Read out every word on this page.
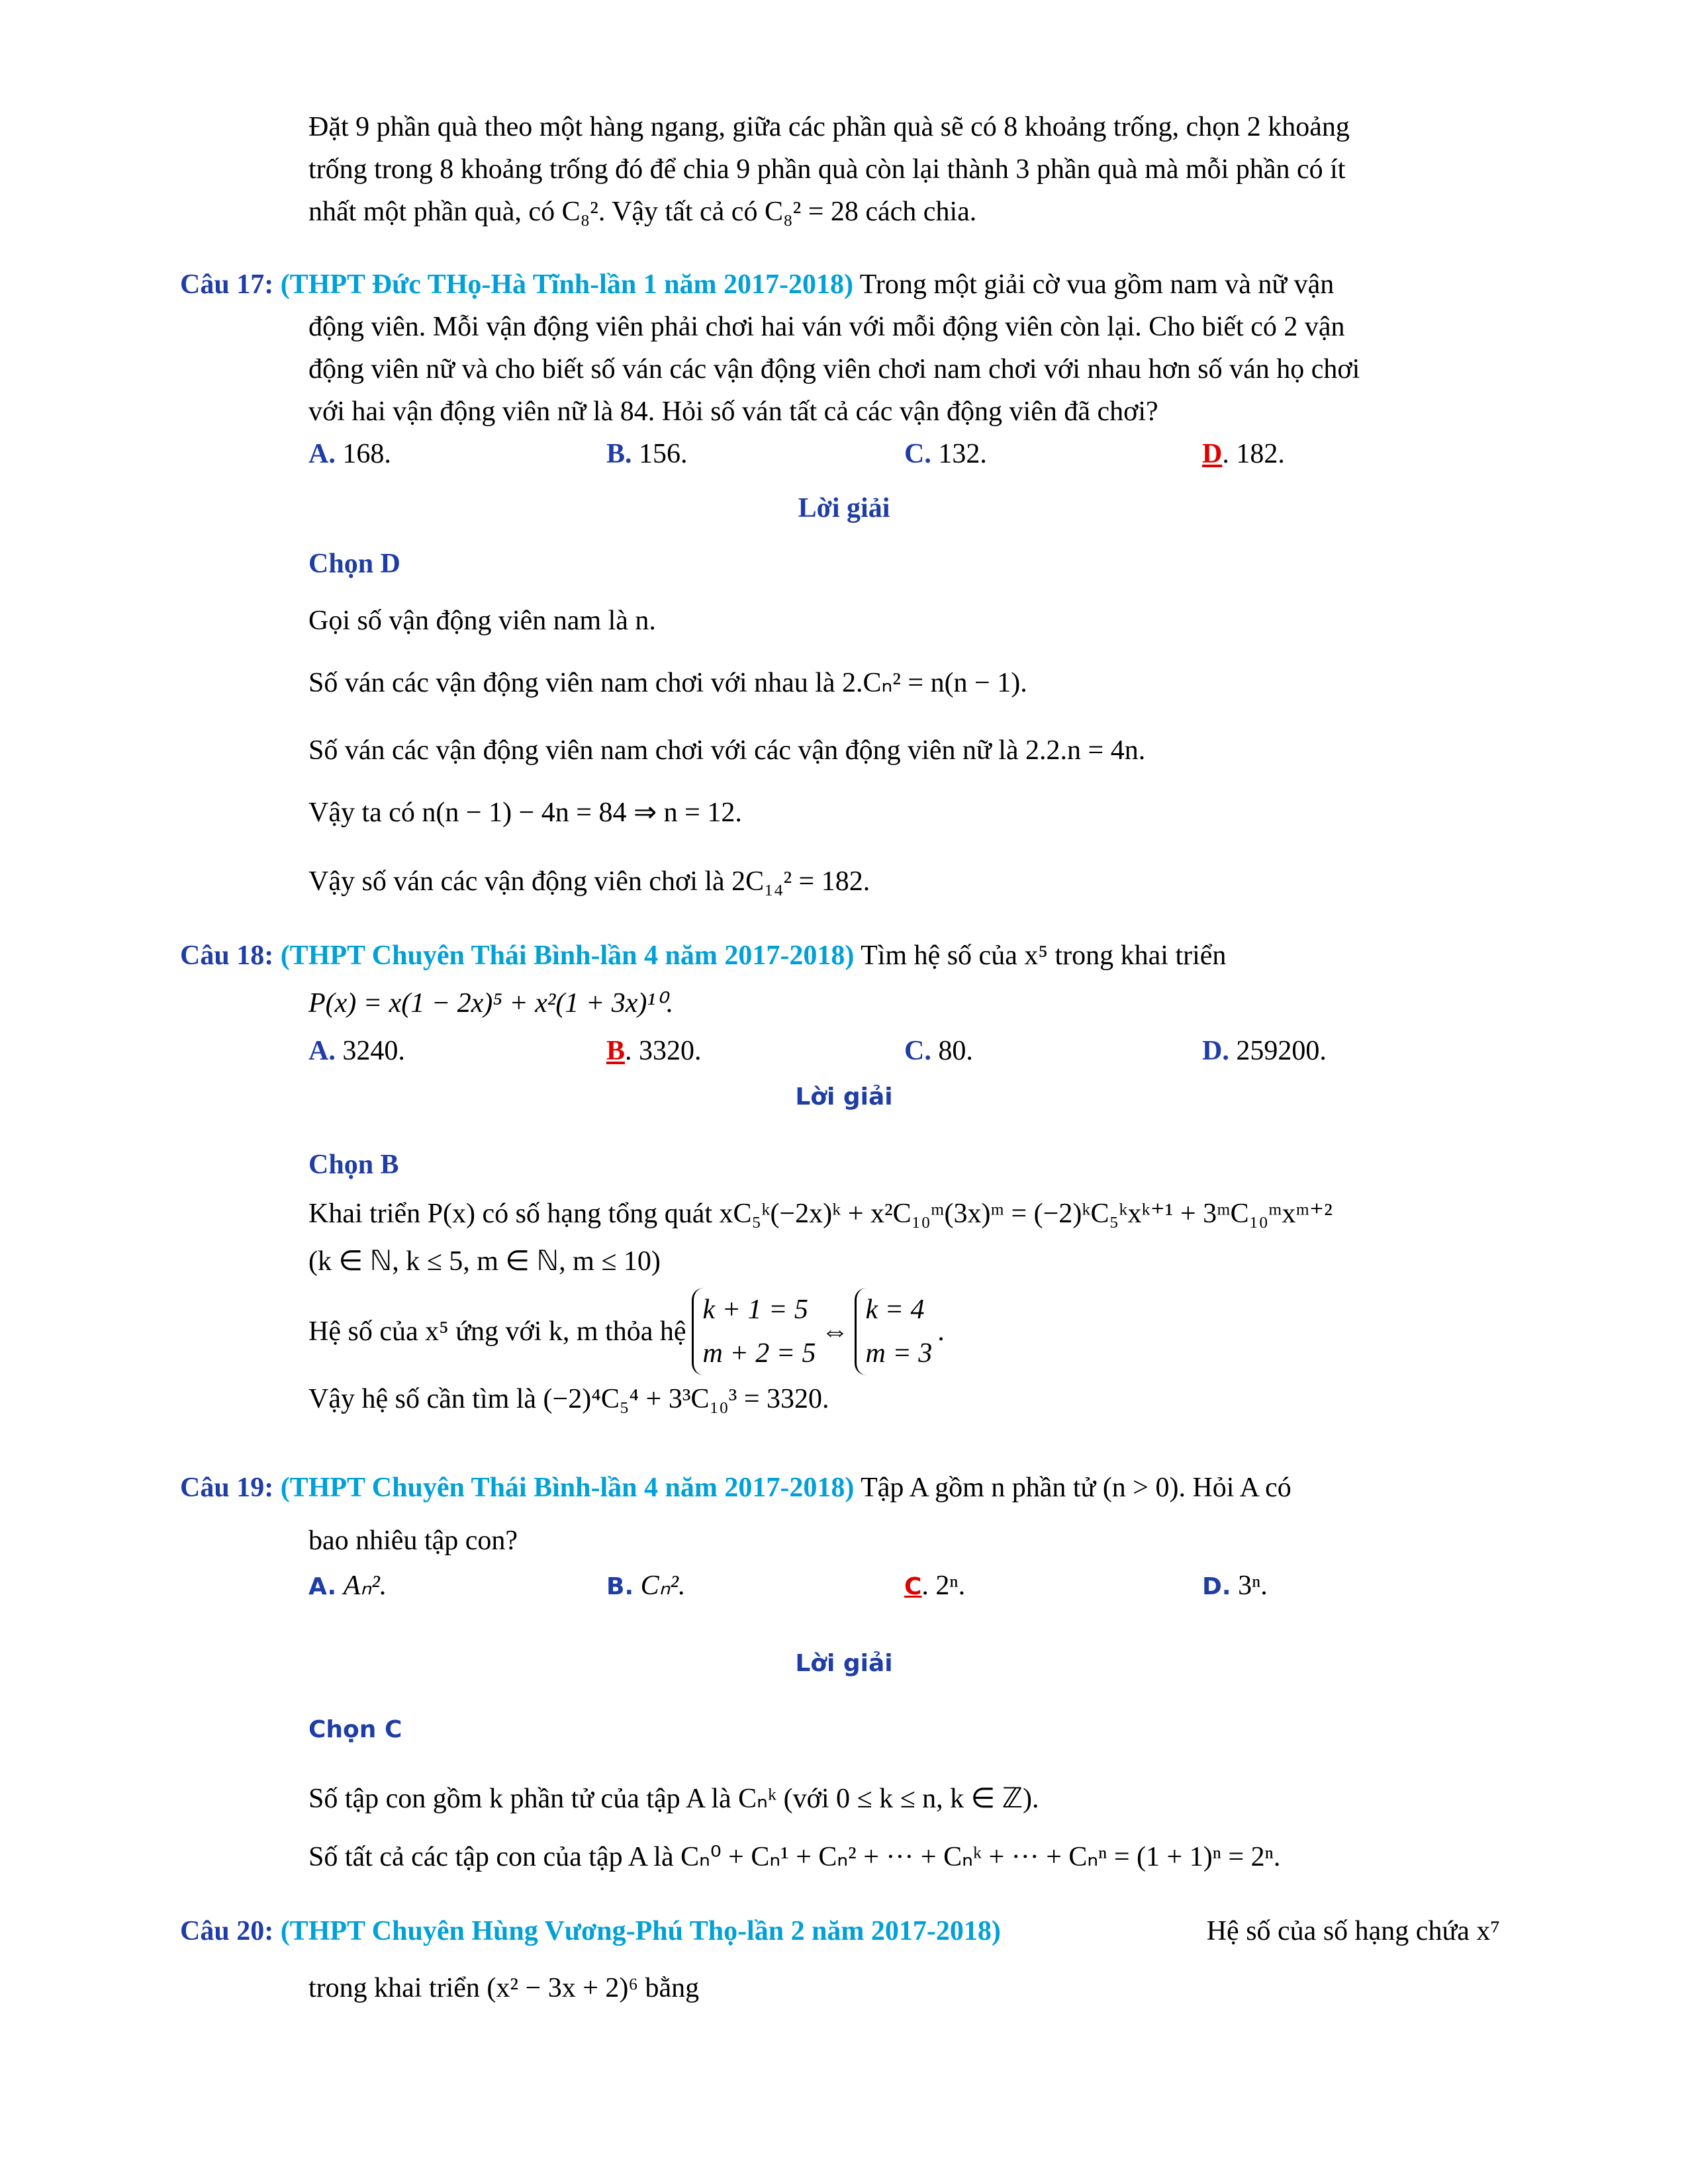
Đặt 9 phần quà theo một hàng ngang, giữa các phần quà sẽ có 8 khoảng trống, chọn 2 khoảng
trống trong 8 khoảng trống đó để chia 9 phần quà còn lại thành 3 phần quà mà mỗi phần có ít
nhất một phần quà, có C₈². Vậy tất cả có C₈² = 28 cách chia.
Câu 17: (THPT Đức THọ-Hà Tĩnh-lần 1 năm 2017-2018) Trong một giải cờ vua gồm nam và nữ vận
động viên. Mỗi vận động viên phải chơi hai ván với mỗi động viên còn lại. Cho biết có 2 vận
động viên nữ và cho biết số ván các vận động viên chơi nam chơi với nhau hơn số ván họ chơi
với hai vận động viên nữ là 84. Hỏi số ván tất cả các vận động viên đã chơi?
A. 168.	B. 156.	C. 132.	D. 182.
Lời giải
Chọn D
Gọi số vận động viên nam là n.
Số ván các vận động viên nam chơi với nhau là 2.Cₙ² = n(n − 1).
Số ván các vận động viên nam chơi với các vận động viên nữ là 2.2.n = 4n.
Vậy ta có n(n − 1) − 4n = 84 ⇒ n = 12.
Vậy số ván các vận động viên chơi là 2C₁₄² = 182.
Câu 18: (THPT Chuyên Thái Bình-lần 4 năm 2017-2018) Tìm hệ số của x⁵ trong khai triển
P(x) = x(1 − 2x)⁵ + x²(1 + 3x)¹⁰.
A. 3240.	B. 3320.	C. 80.	D. 259200.
Lời giải
Chọn B
Khai triển P(x) có số hạng tổng quát xC₅ᵏ(−2x)ᵏ + x²C₁₀ᵐ(3x)ᵐ = (−2)ᵏC₅ᵏxᵏ⁺¹ + 3ᵐC₁₀ᵐxᵐ⁺²
(k ∈ ℕ, k ≤ 5, m ∈ ℕ, m ≤ 10)
Hệ số của x⁵ ứng với k, m thỏa hệ
k + 1 = 5
m + 2 = 5
⇔
k = 4
m = 3
.
Vậy hệ số cần tìm là (−2)⁴C₅⁴ + 3³C₁₀³ = 3320.
Câu 19: (THPT Chuyên Thái Bình-lần 4 năm 2017-2018) Tập A gồm n phần tử (n > 0). Hỏi A có
bao nhiêu tập con?
A. Aₙ².	B. Cₙ².	C. 2ⁿ.	D. 3ⁿ.
Lời giải
Chọn C
Số tập con gồm k phần tử của tập A là Cₙᵏ (với 0 ≤ k ≤ n, k ∈ ℤ).
Số tất cả các tập con của tập A là Cₙ⁰ + Cₙ¹ + Cₙ² + ··· + Cₙᵏ + ··· + Cₙⁿ = (1 + 1)ⁿ = 2ⁿ.
Câu 20: (THPT Chuyên Hùng Vương-Phú Thọ-lần 2 năm 2017-2018)	Hệ số của số hạng chứa x⁷
trong khai triển (x² − 3x + 2)⁶ bằng
